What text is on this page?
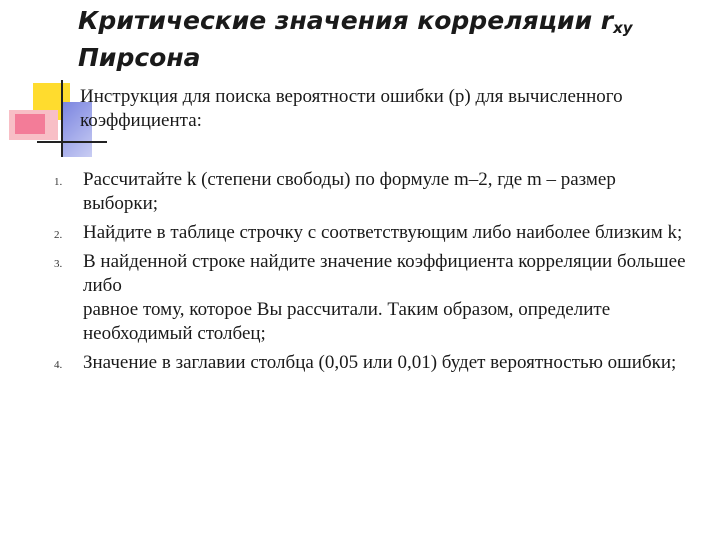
Критические значения корреляции $r_{xy}$
Пирсона
Инструкция для поиска вероятности ошибки (р) для вычисленного коэффициента:
1. Рассчитайте k (степени свободы) по формуле m–2, где m – размер выборки;
2. Найдите в таблице строчку с соответствующим либо наиболее близким k;
3. В найденной строке найдите значение коэффициента корреляции большее либо
равное тому, которое Вы рассчитали. Таким образом, определите необходимый столбец;
4. Значение в заглавии столбца (0,05 или 0,01) будет вероятностью ошибки;
